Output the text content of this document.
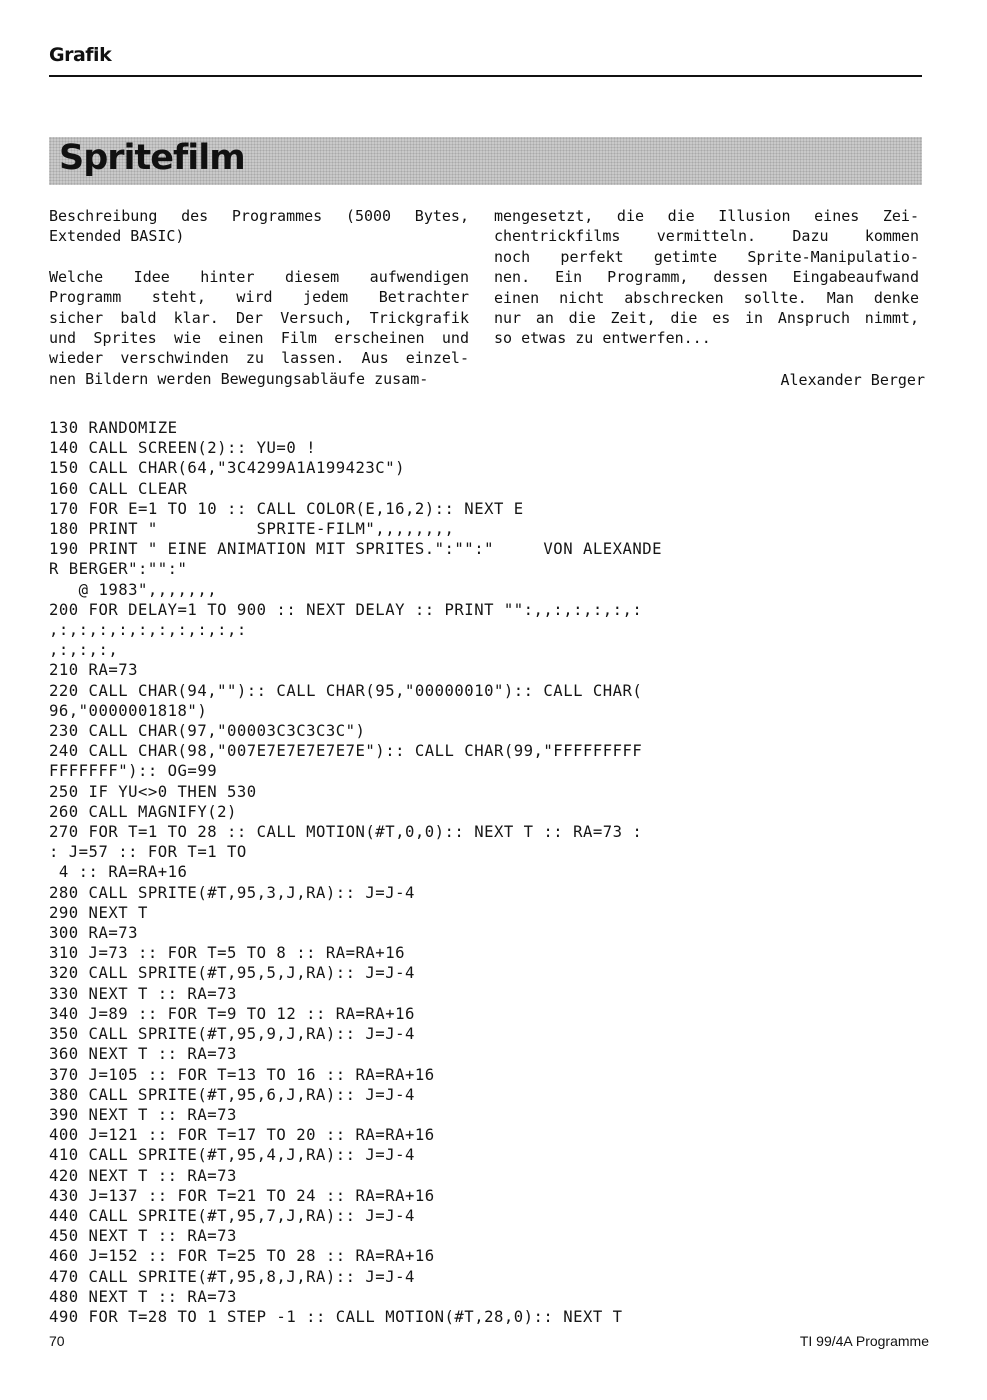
Grafik
Spritefilm

Beschreibung des Programmes (5000 Bytes,
Extended BASIC)

Welche Idee hinter diesem aufwendigen
Programm steht, wird jedem Betrachter
sicher bald klar. Der Versuch, Trickgrafik
und Sprites wie einen Film erscheinen und
wieder verschwinden zu lassen. Aus einzel-
nen Bildern werden Bewegungsabläufe zusam-

mengesetzt, die die Illusion eines Zei-
chentrickfilms vermitteln. Dazu kommen
noch perfekt getimte Sprite-Manipulatio-
nen. Ein Programm, dessen Eingabeaufwand
einen nicht abschrecken sollte. Man denke
nur an die Zeit, die es in Anspruch nimmt,
so etwas zu entwerfen...

Alexander Berger
130 RANDOMIZE
140 CALL SCREEN(2):: YU=0 !
150 CALL CHAR(64,"3C4299A1A199423C")
160 CALL CLEAR
170 FOR E=1 TO 10 :: CALL COLOR(E,16,2):: NEXT E
180 PRINT "          SPRITE-FILM",,,,,,,,
190 PRINT " EINE ANIMATION MIT SPRITES.":"":"     VON ALEXANDE
R BERGER":"":"
@ 1983",,,,,,,
200 FOR DELAY=1 TO 900 :: NEXT DELAY :: PRINT "":,,:,:,:,:,:
,:,:,:,:,:,:,:,:,:,:
,:,:,:,
210 RA=73
220 CALL CHAR(94,""):: CALL CHAR(95,"00000010"):: CALL CHAR(
96,"0000001818")
230 CALL CHAR(97,"00003C3C3C3C")
240 CALL CHAR(98,"007E7E7E7E7E7E"):: CALL CHAR(99,"FFFFFFFFF
FFFFFFF"):: OG=99
250 IF YU<>0 THEN 530
260 CALL MAGNIFY(2)
270 FOR T=1 TO 28 :: CALL MOTION(#T,0,0):: NEXT T :: RA=73 :
: J=57 :: FOR T=1 TO
4 :: RA=RA+16
280 CALL SPRITE(#T,95,3,J,RA):: J=J-4
290 NEXT T
300 RA=73
310 J=73 :: FOR T=5 TO 8 :: RA=RA+16
320 CALL SPRITE(#T,95,5,J,RA):: J=J-4
330 NEXT T :: RA=73
340 J=89 :: FOR T=9 TO 12 :: RA=RA+16
350 CALL SPRITE(#T,95,9,J,RA):: J=J-4
360 NEXT T :: RA=73
370 J=105 :: FOR T=13 TO 16 :: RA=RA+16
380 CALL SPRITE(#T,95,6,J,RA):: J=J-4
390 NEXT T :: RA=73
400 J=121 :: FOR T=17 TO 20 :: RA=RA+16
410 CALL SPRITE(#T,95,4,J,RA):: J=J-4
420 NEXT T :: RA=73
430 J=137 :: FOR T=21 TO 24 :: RA=RA+16
440 CALL SPRITE(#T,95,7,J,RA):: J=J-4
450 NEXT T :: RA=73
460 J=152 :: FOR T=25 TO 28 :: RA=RA+16
470 CALL SPRITE(#T,95,8,J,RA):: J=J-4
480 NEXT T :: RA=73
490 FOR T=28 TO 1 STEP -1 :: CALL MOTION(#T,28,0):: NEXT T
70	TI 99/4A Programme
